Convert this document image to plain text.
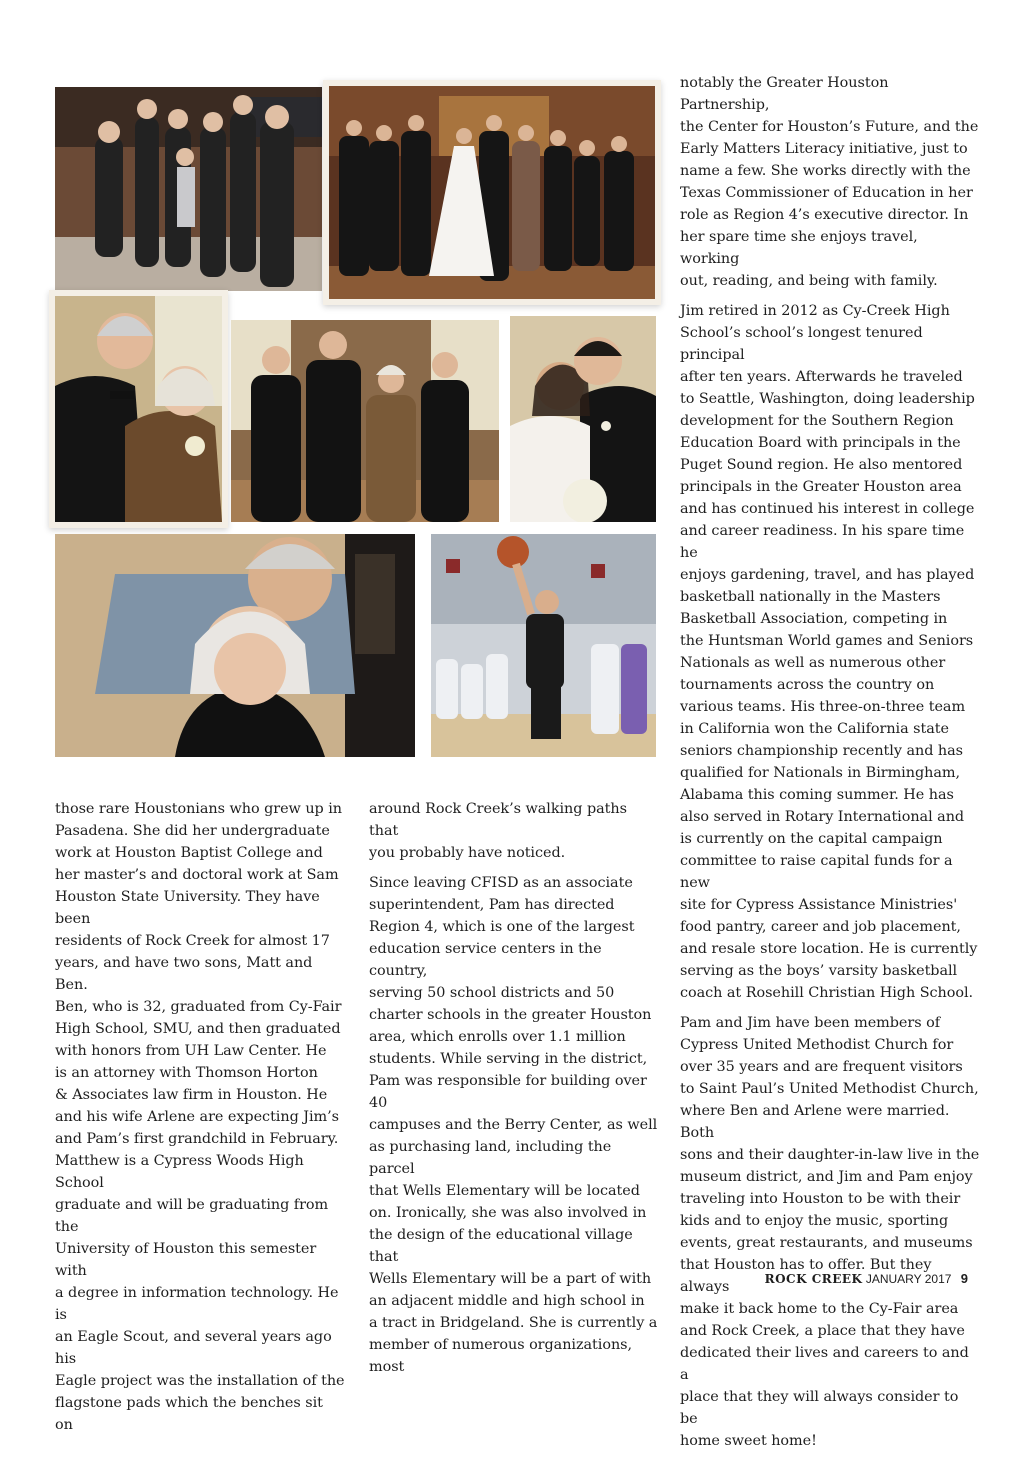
those rare Houstonians who grew up in
Pasadena. She did her undergraduate
work at Houston Baptist College and
her master’s and doctoral work at Sam
Houston State University. They have been
residents of Rock Creek for almost 17
years, and have two sons, Matt and Ben.
Ben, who is 32, graduated from Cy-Fair
High School, SMU, and then graduated
with honors from UH Law Center. He
is an attorney with Thomson Horton
& Associates law firm in Houston. He
and his wife Arlene are expecting Jim’s
and Pam’s first grandchild in February.
Matthew is a Cypress Woods High School
graduate and will be graduating from the
University of Houston this semester with
a degree in information technology. He is
an Eagle Scout, and several years ago his
Eagle project was the installation of the
flagstone pads which the benches sit on

around Rock Creek’s walking paths that
you probably have noticed.

Since leaving CFISD as an associate
superintendent, Pam has directed
Region 4, which is one of the largest
education service centers in the country,
serving 50 school districts and 50
charter schools in the greater Houston
area, which enrolls over 1.1 million
students. While serving in the district,
Pam was responsible for building over 40
campuses and the Berry Center, as well
as purchasing land, including the parcel
that Wells Elementary will be located
on. Ironically, she was also involved in
the design of the educational village that
Wells Elementary will be a part of with
an adjacent middle and high school in
a tract in Bridgeland. She is currently a
member of numerous organizations, most

notably the Greater Houston Partnership,
the Center for Houston’s Future, and the
Early Matters Literacy initiative, just to
name a few. She works directly with the
Texas Commissioner of Education in her
role as Region 4’s executive director. In
her spare time she enjoys travel, working
out, reading, and being with family.

Jim retired in 2012 as Cy-Creek High
School’s school’s longest tenured principal
after ten years. Afterwards he traveled
to Seattle, Washington, doing leadership
development for the Southern Region
Education Board with principals in the
Puget Sound region. He also mentored
principals in the Greater Houston area
and has continued his interest in college
and career readiness. In his spare time he
enjoys gardening, travel, and has played
basketball nationally in the Masters
Basketball Association, competing in
the Huntsman World games and Seniors
Nationals as well as numerous other
tournaments across the country on
various teams. His three-on-three team
in California won the California state
seniors championship recently and has
qualified for Nationals in Birmingham,
Alabama this coming summer. He has
also served in Rotary International and
is currently on the capital campaign
committee to raise capital funds for a new
site for Cypress Assistance Ministries'
food pantry, career and job placement,
and resale store location. He is currently
serving as the boys’ varsity basketball
coach at Rosehill Christian High School.

Pam and Jim have been members of
Cypress United Methodist Church for
over 35 years and are frequent visitors
to Saint Paul’s United Methodist Church,
where Ben and Arlene were married. Both
sons and their daughter-in-law live in the
museum district, and Jim and Pam enjoy
traveling into Houston to be with their
kids and to enjoy the music, sporting
events, great restaurants, and museums
that Houston has to offer. But they always
make it back home to the Cy-Fair area
and Rock Creek, a place that they have
dedicated their lives and careers to and a
place that they will always consider to be
home sweet home!

ROCK CREEK JANUARY 2017 9
